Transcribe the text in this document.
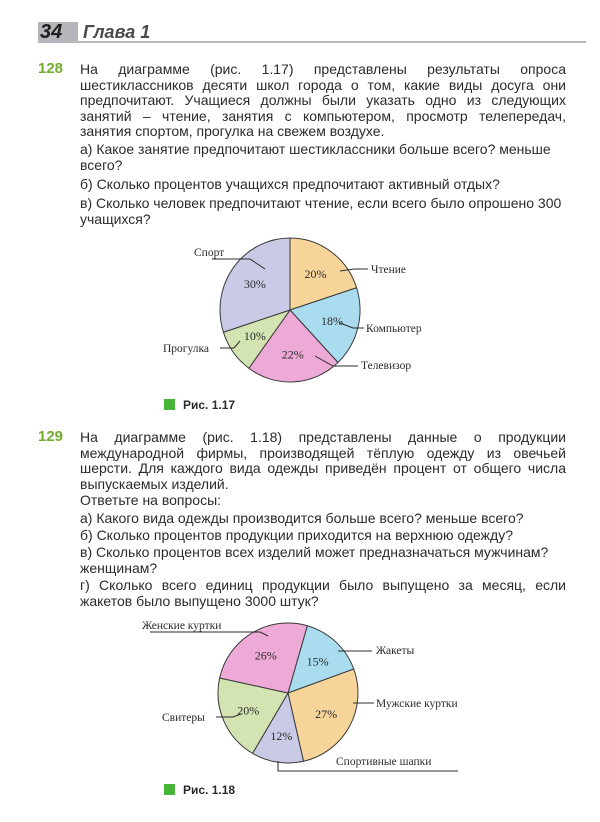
34	Глава 1
128 На диаграмме (рис. 1.17) представлены результаты опроса шестиклассников десяти школ города о том, какие виды досуга они предпочитают. Учащиеся должны были указать одно из следующих занятий – чтение, занятия с компьютером, просмотр телепередач, занятия спортом, прогулка на свежем воздухе.

а) Какое занятие предпочитают шестиклассники больше всего? меньше всего?

б) Сколько процентов учащихся предпочитают активный отдых?

в) Сколько человек предпочитают чтение, если всего было опрошено 300 учащихся?

20%
18%
22%
10%
30%
Спорт
Чтение
Компьютер
Телевизор
Прогулка
Рис. 1.17
129 На диаграмме (рис. 1.18) представлены данные о продукции международной фирмы, производящей тёплую одежду из овечьей шерсти. Для каждого вида одежды приведён процент от общего числа выпускаемых изделий.

Ответьте на вопросы:

а) Какого вида одежды производится больше всего? меньше всего?

б) Сколько процентов продукции приходится на верхнюю одежду?

в) Сколько процентов всех изделий может предназначаться мужчинам? женщинам?

г) Сколько всего единиц продукции было выпущено за месяц, если жакетов было выпущено 3000 штук?

15%
27%
12%
20%
26%
Женские куртки
Жакеты
Мужские куртки
Спортивные шапки
Свитеры
Рис. 1.18
